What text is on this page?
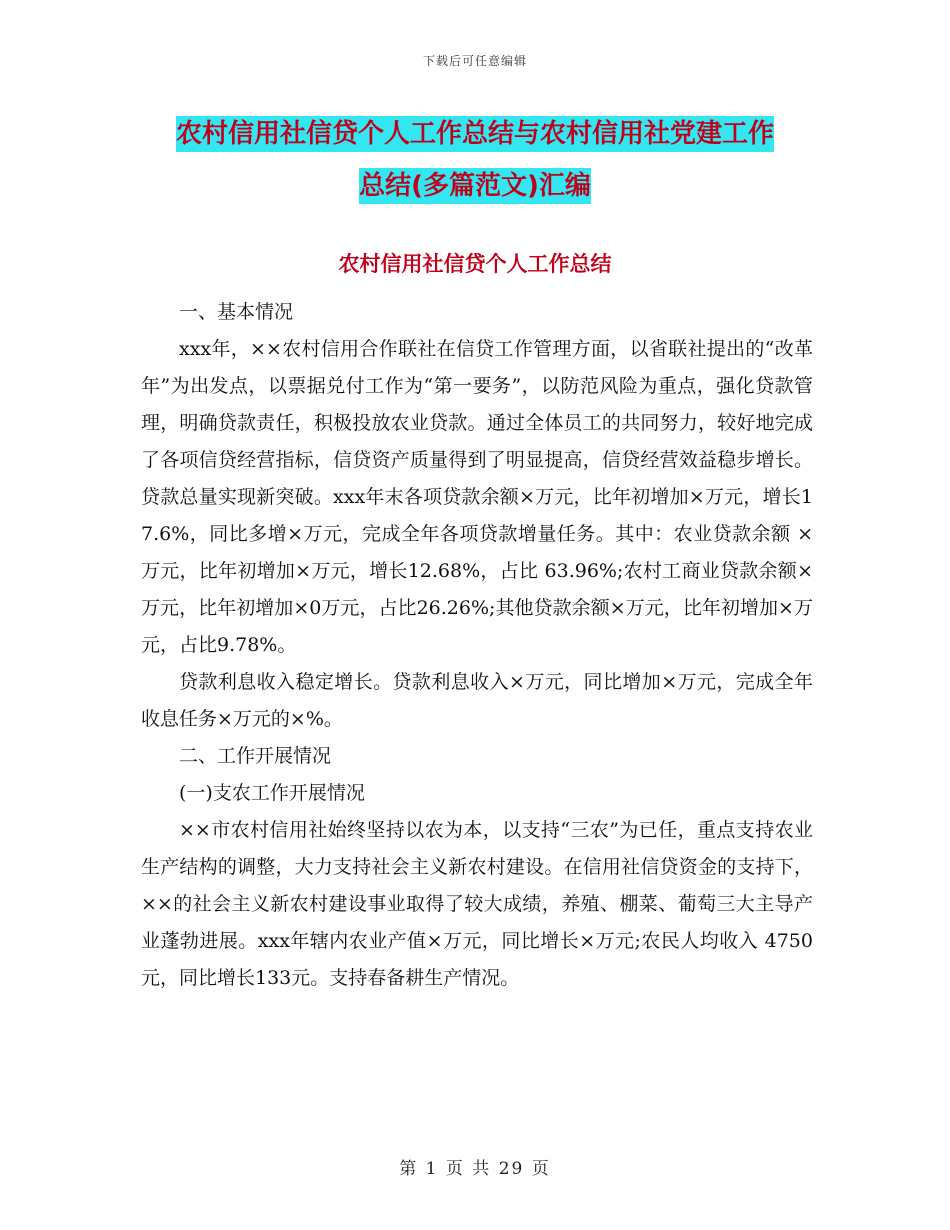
下载后可任意编辑
农村信用社信贷个人工作总结与农村信用社党建工作
总结(多篇范文)汇编
农村信用社信贷个人工作总结

一、基本情况

xxx年，××农村信用合作联社在信贷工作管理方面，以省联社提出的“改革年”为出发点，以票据兑付工作为“第一要务”，以防范风险为重点，强化贷款管理，明确贷款责任，积极投放农业贷款。通过全体员工的共同努力，较好地完成了各项信贷经营指标，信贷资产质量得到了明显提高，信贷经营效益稳步增长。贷款总量实现新突破。xxx年末各项贷款余额×万元，比年初增加×万元，增长17.6%，同比多增×万元，完成全年各项贷款增量任务。其中：农业贷款余额 ×万元，比年初增加×万元，增长12.68%，占比 63.96%;农村工商业贷款余额×万元，比年初增加×0万元，占比26.26%;其他贷款余额×万元，比年初增加×万元，占比9.78%。

贷款利息收入稳定增长。贷款利息收入×万元，同比增加×万元，完成全年收息任务×万元的×%。

二、工作开展情况

(一)支农工作开展情况

××市农村信用社始终坚持以农为本，以支持“三农”为已任，重点支持农业生产结构的调整，大力支持社会主义新农村建设。在信用社信贷资金的支持下，××的社会主义新农村建设事业取得了较大成绩，养殖、棚菜、葡萄三大主导产业蓬勃进展。xxx年辖内农业产值×万元，同比增长×万元;农民人均收入 4750元，同比增长133元。支持春备耕生产情况。

第 1 页 共 29 页
